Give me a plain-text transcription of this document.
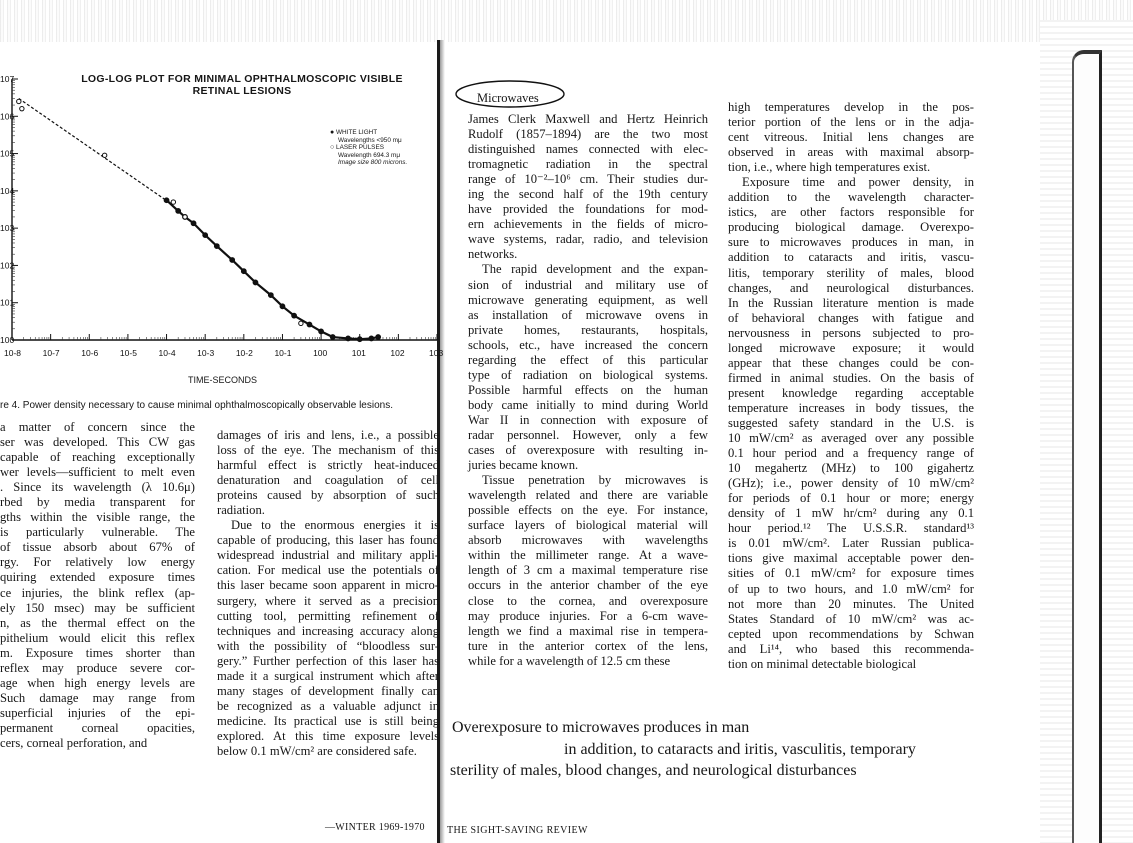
107
106
105
104
103
102
101
100
10-8	10-7	10-6	10-5	10-4	10-3	10-2	10-1	100	101	102	103
LOG-LOG PLOT FOR MINIMAL OPHTHALMOSCOPIC VISIBLE RETINAL LESIONS
● WHITE LIGHT
Wavelengths <950 mμ
○ LASER PULSES
Wavelength 694.3 mμ
Image size 800 microns.
TIME-SECONDS
re 4. Power density necessary to cause minimal ophthalmoscopically observable lesions.

a matter of concern since the

ser was developed. This CW gas

capable of reaching exceptionally

wer levels—sufficient to melt even

. Since its wavelength (λ 10.6μ)

rbed by media transparent for

gths within the visible range, the

is particularly vulnerable. The

of tissue absorb about 67% of

rgy. For relatively low energy

quiring extended exposure times

ce injuries, the blink reflex (ap-

ely 150 msec) may be sufficient

n, as the thermal effect on the

pithelium would elicit this reflex

m. Exposure times shorter than

reflex may produce severe cor-

age when high energy levels are

Such damage may range from

superficial injuries of the epi-

permanent corneal opacities,

cers, corneal perforation, and

damages of iris and lens, i.e., a possible

loss of the eye. The mechanism of this

harmful effect is strictly heat-induced

denaturation and coagulation of cell

proteins caused by absorption of such

radiation.

Due to the enormous energies it is

capable of producing, this laser has found

widespread industrial and military appli-

cation. For medical use the potentials of

this laser became soon apparent in micro-

surgery, where it served as a precision

cutting tool, permitting refinement of

techniques and increasing accuracy along

with the possibility of “bloodless sur-

gery.” Further perfection of this laser has

made it a surgical instrument which after

many stages of development finally can

be recognized as a valuable adjunct in

medicine. Its practical use is still being

explored. At this time exposure levels

below 0.1 mW/cm² are considered safe.

—WINTER 1969-1970
Microwaves

James Clerk Maxwell and Hertz Heinrich

Rudolf (1857–1894) are the two most

distinguished names connected with elec-

tromagnetic radiation in the spectral

range of 10⁻²–10⁶ cm. Their studies dur-

ing the second half of the 19th century

have provided the foundations for mod-

ern achievements in the fields of micro-

wave systems, radar, radio, and television

networks.

The rapid development and the expan-

sion of industrial and military use of

microwave generating equipment, as well

as installation of microwave ovens in

private homes, restaurants, hospitals,

schools, etc., have increased the concern

regarding the effect of this particular

type of radiation on biological systems.

Possible harmful effects on the human

body came initially to mind during World

War II in connection with exposure of

radar personnel. However, only a few

cases of overexposure with resulting in-

juries became known.

Tissue penetration by microwaves is

wavelength related and there are variable

possible effects on the eye. For instance,

surface layers of biological material will

absorb microwaves with wavelengths

within the millimeter range. At a wave-

length of 3 cm a maximal temperature rise

occurs in the anterior chamber of the eye

close to the cornea, and overexposure

may produce injuries. For a 6-cm wave-

length we find a maximal rise in tempera-

ture in the anterior cortex of the lens,

while for a wavelength of 12.5 cm these

high temperatures develop in the pos-

terior portion of the lens or in the adja-

cent vitreous. Initial lens changes are

observed in areas with maximal absorp-

tion, i.e., where high temperatures exist.

Exposure time and power density, in

addition to the wavelength character-

istics, are other factors responsible for

producing biological damage. Overexpo-

sure to microwaves produces in man, in

addition to cataracts and iritis, vascu-

litis, temporary sterility of males, blood

changes, and neurological disturbances.

In the Russian literature mention is made

of behavioral changes with fatigue and

nervousness in persons subjected to pro-

longed microwave exposure; it would

appear that these changes could be con-

firmed in animal studies. On the basis of

present knowledge regarding acceptable

temperature increases in body tissues, the

suggested safety standard in the U.S. is

10 mW/cm² as averaged over any possible

0.1 hour period and a frequency range of

10 megahertz (MHz) to 100 gigahertz

(GHz); i.e., power density of 10 mW/cm²

for periods of 0.1 hour or more; energy

density of 1 mW hr/cm² during any 0.1

hour period.¹² The U.S.S.R. standard¹³

is 0.01 mW/cm². Later Russian publica-

tions give maximal acceptable power den-

sities of 0.1 mW/cm² for exposure times

of up to two hours, and 1.0 mW/cm² for

not more than 20 minutes. The United

States Standard of 10 mW/cm² was ac-

cepted upon recommendations by Schwan

and Li¹⁴, who based this recommenda-

tion on minimal detectable biological

Overexposure to microwaves produces in man
in addition, to cataracts and iritis, vasculitis, temporary
sterility of males, blood changes, and neurological disturbances
THE SIGHT-SAVING REVIEW
